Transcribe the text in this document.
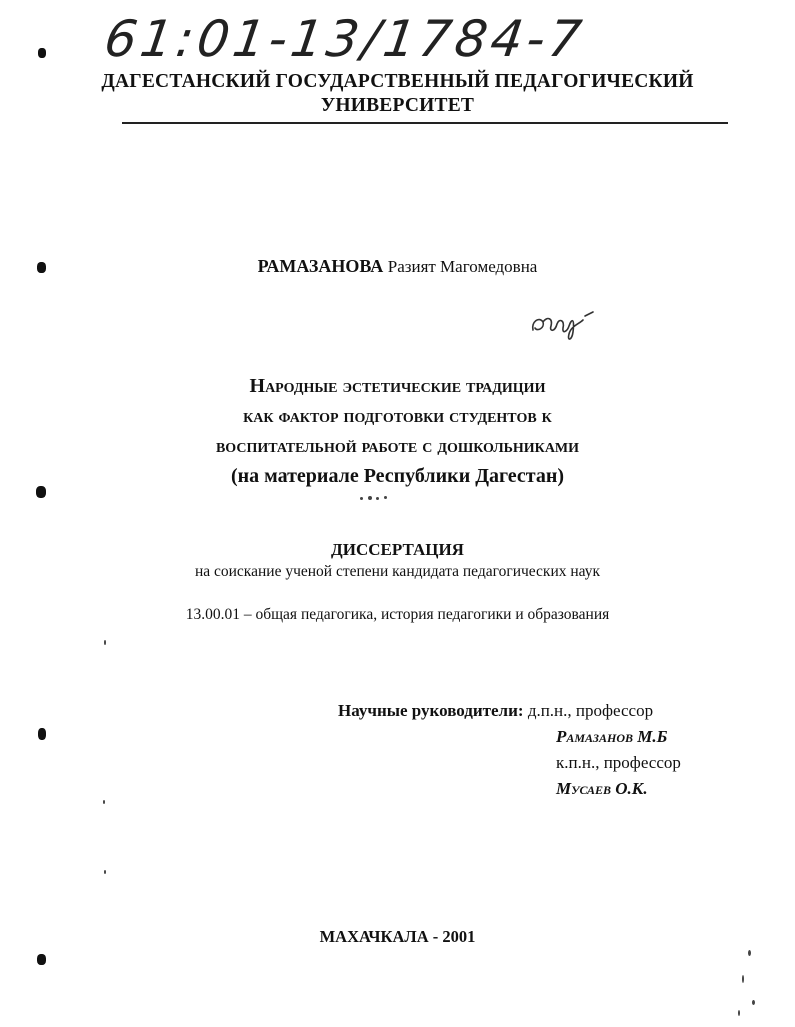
61:01-13/1784-7
ДАГЕСТАНСКИЙ ГОСУДАРСТВЕННЫЙ ПЕДАГОГИЧЕСКИЙ
УНИВЕРСИТЕТ
РАМАЗАНОВА Разият Магомедовна
Народные эстетические традиции
как фактор подготовки студентов к
воспитательной работе с дошкольниками
(на материале Республики Дагестан)
ДИССЕРТАЦИЯ
на соискание ученой степени кандидата педагогических наук
13.00.01 – общая педагогика, история педагогики и образования
Научные руководители: д.п.н., профессор
Рамазанов М.Б
к.п.н., профессор
Мусаев О.К.
МАХАЧКАЛА - 2001
